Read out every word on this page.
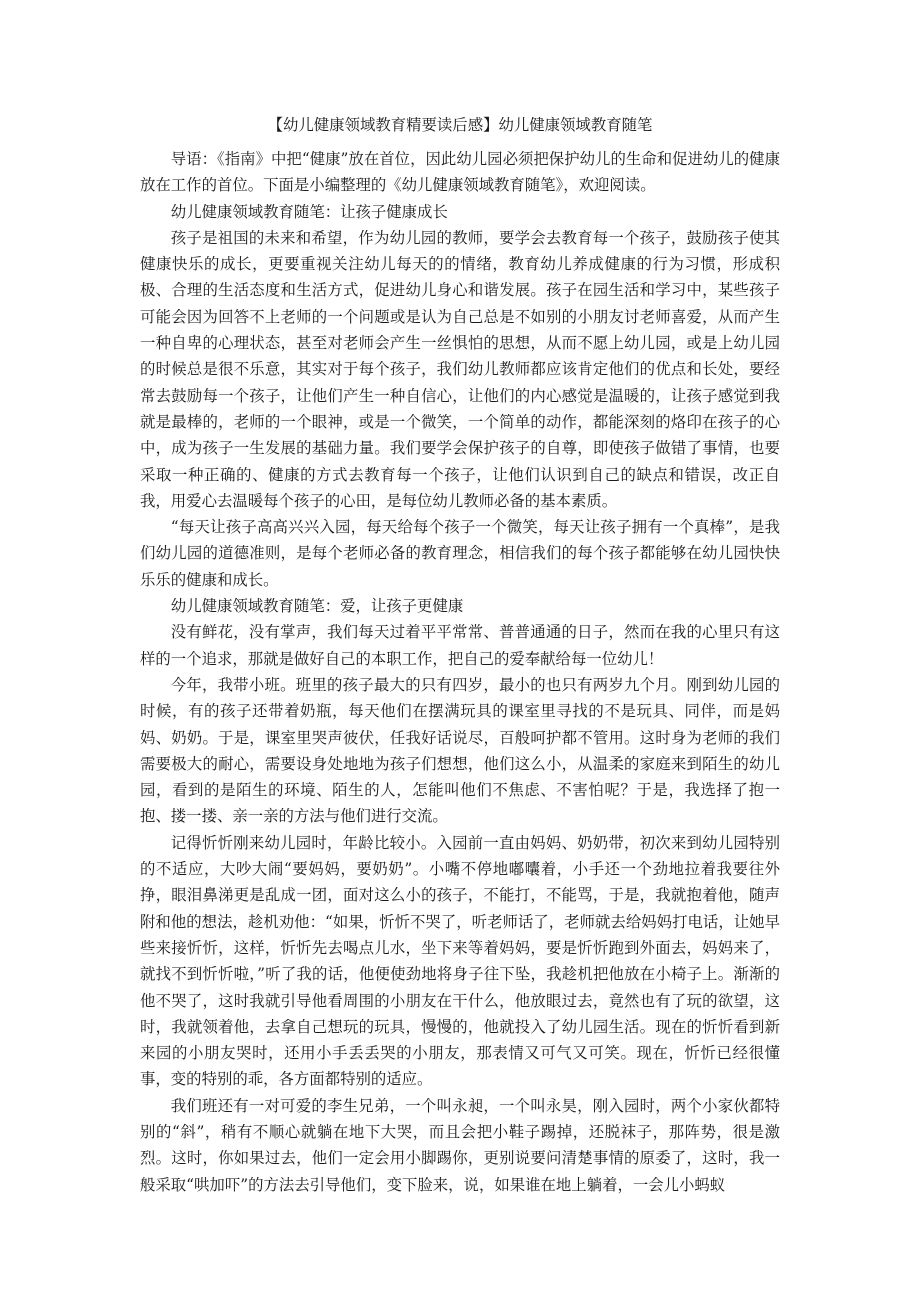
【幼儿健康领域教育精要读后感】幼儿健康领域教育随笔

导语：《指南》中把“健康”放在首位，因此幼儿园必须把保护幼儿的生命和促进幼儿的健康放在工作的首位。下面是小编整理的《幼儿健康领域教育随笔》，欢迎阅读。

幼儿健康领域教育随笔：让孩子健康成长

孩子是祖国的未来和希望，作为幼儿园的教师，要学会去教育每一个孩子，鼓励孩子使其健康快乐的成长，更要重视关注幼儿每天的的情绪，教育幼儿养成健康的行为习惯，形成积极、合理的生活态度和生活方式，促进幼儿身心和谐发展。孩子在园生活和学习中，某些孩子可能会因为回答不上老师的一个问题或是认为自己总是不如别的小朋友讨老师喜爱，从而产生一种自卑的心理状态，甚至对老师会产生一丝惧怕的思想，从而不愿上幼儿园，或是上幼儿园的时候总是很不乐意，其实对于每个孩子，我们幼儿教师都应该肯定他们的优点和长处，要经常去鼓励每一个孩子，让他们产生一种自信心，让他们的内心感觉是温暖的，让孩子感觉到我就是最棒的，老师的一个眼神，或是一个微笑，一个简单的动作，都能深刻的烙印在孩子的心中，成为孩子一生发展的基础力量。我们要学会保护孩子的自尊，即使孩子做错了事情，也要采取一种正确的、健康的方式去教育每一个孩子，让他们认识到自己的缺点和错误，改正自我，用爱心去温暖每个孩子的心田，是每位幼儿教师必备的基本素质。

“每天让孩子高高兴兴入园，每天给每个孩子一个微笑，每天让孩子拥有一个真棒”，是我们幼儿园的道德准则，是每个老师必备的教育理念，相信我们的每个孩子都能够在幼儿园快快乐乐的健康和成长。

幼儿健康领域教育随笔：爱，让孩子更健康

没有鲜花，没有掌声，我们每天过着平平常常、普普通通的日子，然而在我的心里只有这样的一个追求，那就是做好自己的本职工作，把自己的爱奉献给每一位幼儿！

今年，我带小班。班里的孩子最大的只有四岁，最小的也只有两岁九个月。刚到幼儿园的时候，有的孩子还带着奶瓶，每天他们在摆满玩具的课室里寻找的不是玩具、同伴，而是妈妈、奶奶。于是，课室里哭声彼伏，任我好话说尽，百般呵护都不管用。这时身为老师的我们需要极大的耐心，需要设身处地地为孩子们想想，他们这么小，从温柔的家庭来到陌生的幼儿园，看到的是陌生的环境、陌生的人，怎能叫他们不焦虑、不害怕呢？于是，我选择了抱一抱、搂一搂、亲一亲的方法与他们进行交流。

记得忻忻刚来幼儿园时，年龄比较小。入园前一直由妈妈、奶奶带，初次来到幼儿园特别的不适应，大吵大闹“要妈妈，要奶奶”。小嘴不停地嘟囔着，小手还一个劲地拉着我要往外挣，眼泪鼻涕更是乱成一团，面对这么小的孩子，不能打，不能骂，于是，我就抱着他，随声附和他的想法，趁机劝他：“如果，忻忻不哭了，听老师话了，老师就去给妈妈打电话，让她早些来接忻忻，这样，忻忻先去喝点儿水，坐下来等着妈妈，要是忻忻跑到外面去，妈妈来了，就找不到忻忻啦，”听了我的话，他便使劲地将身子往下坠，我趁机把他放在小椅子上。渐渐的他不哭了，这时我就引导他看周围的小朋友在干什么，他放眼过去，竟然也有了玩的欲望，这时，我就领着他，去拿自己想玩的玩具，慢慢的，他就投入了幼儿园生活。现在的忻忻看到新来园的小朋友哭时，还用小手丢丢哭的小朋友，那表情又可气又可笑。现在，忻忻已经很懂事，变的特别的乖，各方面都特别的适应。

我们班还有一对可爱的李生兄弟，一个叫永昶，一个叫永昊，刚入园时，两个小家伙都特别的“斜”，稍有不顺心就躺在地下大哭，而且会把小鞋子踢掉，还脱袜子，那阵势，很是激烈。这时，你如果过去，他们一定会用小脚踢你，更别说要问清楚事情的原委了，这时，我一般采取“哄加吓”的方法去引导他们，变下脸来，说，如果谁在地上躺着，一会儿小蚂蚁
